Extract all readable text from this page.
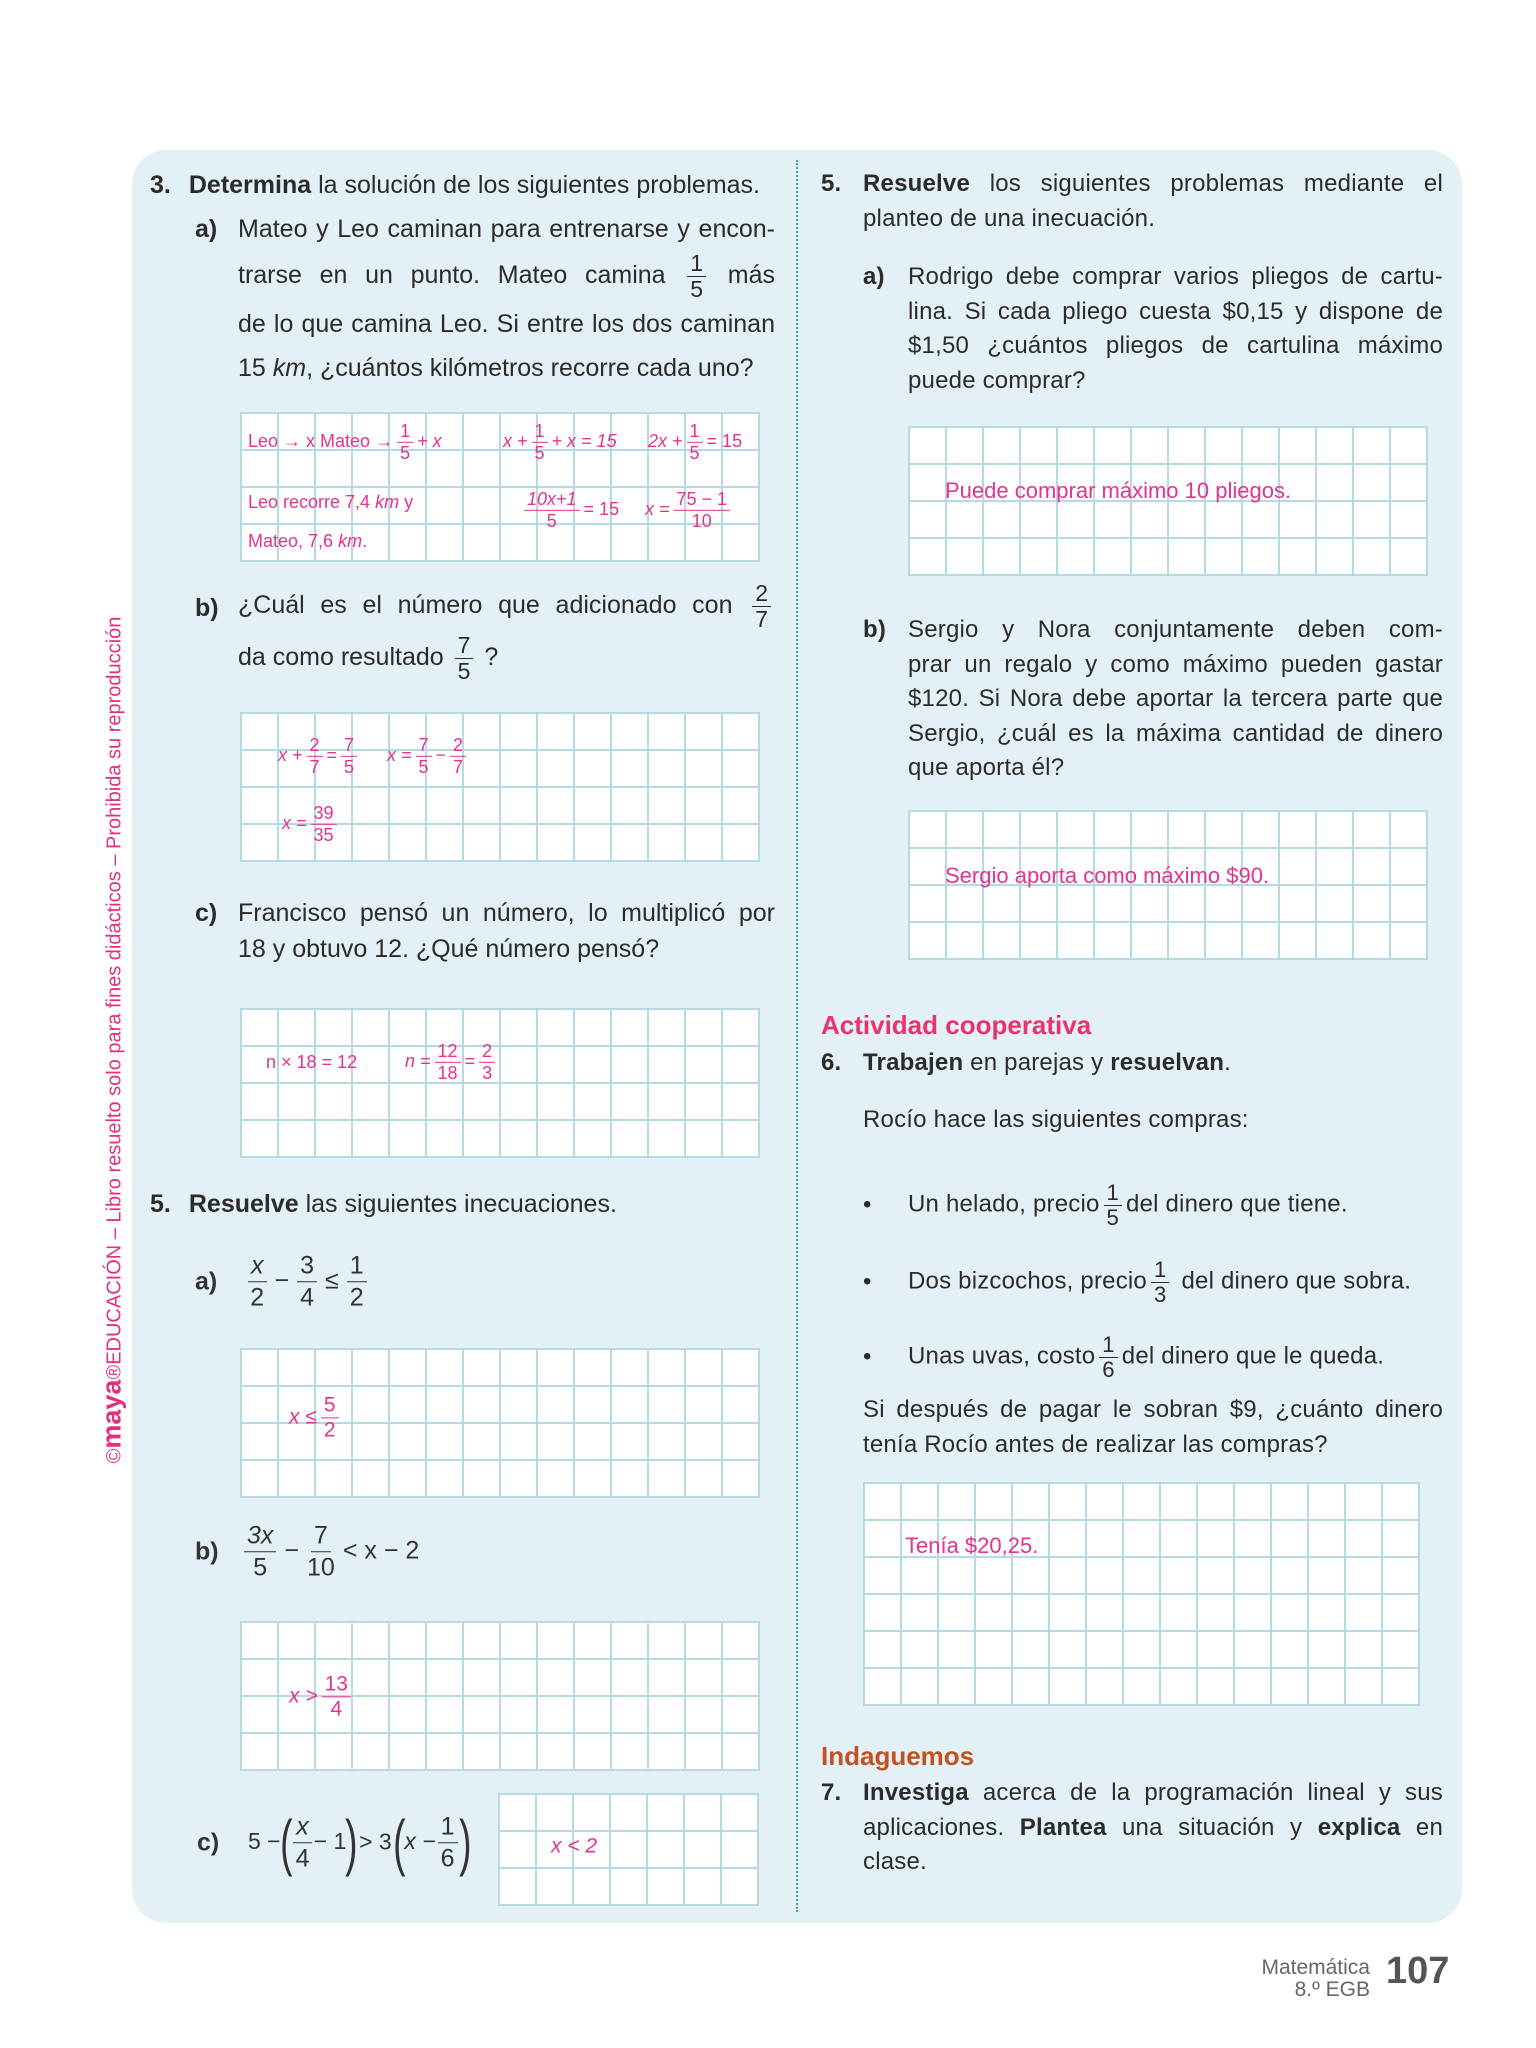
©maya®EDUCACIÓN – Libro resuelto solo para fines didácticos – Prohibida su reproducción
3. Determina la solución de los siguientes problemas.
a) Mateo y Leo caminan para entrenarse y encon-
trarse en un punto. Mateo camina $\frac{1}{5}$ más
de lo que camina Leo. Si entre los dos caminan
15 km, ¿cuántos kilómetros recorre cada uno?
Leo → x Mateo → $\frac{1}{5} + x$	$x + \frac{1}{5} + x = 15$ $2x + \frac{1}{5} = 15$
Leo recorre 7,4 km y	$\frac{10x+1}{5} = 15$ $x = \frac{75 - 1}{10}$
Mateo, 7,6 km.
b) ¿Cuál es el número que adicionado con $\frac{2}{7}$
da como resultado $\frac{7}{5}$ ?
$x + \frac{2}{7} = \frac{7}{5}$ $x = \frac{7}{5} - \frac{2}{7}$
$x = \frac{39}{35}$
c) Francisco pensó un número, lo multiplicó por
18 y obtuvo 12. ¿Qué número pensó?
n × 18 = 12	$n = \frac{12}{18} = \frac{2}{3}$
5. Resuelve las siguientes inecuaciones.
$a) \frac{x}{2} - \frac{3}{4} \le \frac{1}{2}$
$x \le \frac{5}{2}$
$b) \frac{3x}{5} - \frac{7}{10} < x - 2$
$x > \frac{13}{4}$
x < 2
c) 5 −( $\frac{x}{4} - 1)> 3(x - \frac{1}{6}$ )
5. Resuelve los siguientes problemas mediante el
planteo de una inecuación.
a) Rodrigo debe comprar varios pliegos de cartu-
lina. Si cada pliego cuesta $0,15 y dispone de
$1,50 ¿cuántos pliegos de cartulina máximo
puede comprar?
Puede comprar máximo 10 pliegos.
b) Sergio y Nora conjuntamente deben com-
prar un regalo y como máximo pueden gastar
$120. Si Nora debe aportar la tercera parte que
Sergio, ¿cuál es la máxima cantidad de dinero
que aporta él?
Sergio aporta como máximo $90.
Actividad cooperativa
6. Trabajen en parejas y resuelvan.
Rocío hace las siguientes compras:
• Un helado, precio $\frac{1}{5}$ del dinero que tiene.
• Dos bizcochos, precio $\frac{1}{3}$ del dinero que sobra.
• Unas uvas, costo $\frac{1}{6}$ del dinero que le queda.
Si después de pagar le sobran $9, ¿cuánto dinero
tenía Rocío antes de realizar las compras?
Tenía $20,25.
Indaguemos
7. Investiga acerca de la programación lineal y sus
aplicaciones. Plantea una situación y explica en
clase.
Matemática
8.º EGB 107
